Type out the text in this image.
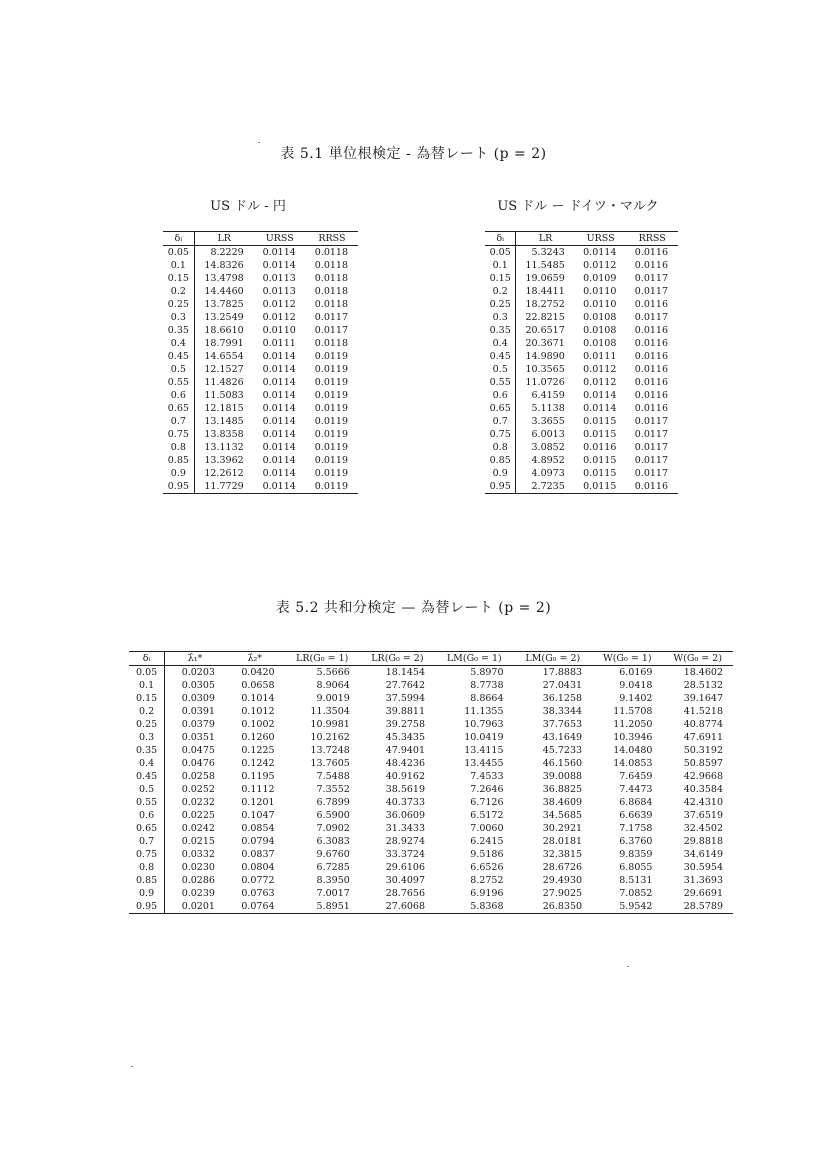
表 5.1 単位根検定 - 為替レート (p = 2)
US ドル - 円	US ドル ー ドイツ・マルク
δᵢ	LR	URSS	RRSS
0.05	8.2229	0.0114	0.0118
0.1	14.8326	0.0114	0.0118
0.15	13.4798	0.0113	0.0118
0.2	14.4460	0.0113	0.0118
0.25	13.7825	0.0112	0.0118
0.3	13.2549	0.0112	0.0117
0.35	18.6610	0.0110	0.0117
0.4	18.7991	0.0111	0.0118
0.45	14.6554	0.0114	0.0119
0.5	12.1527	0.0114	0.0119
0.55	11.4826	0.0114	0.0119
0.6	11.5083	0.0114	0.0119
0.65	12.1815	0.0114	0.0119
0.7	13.1485	0.0114	0.0119
0.75	13.8358	0.0114	0.0119
0.8	13.1132	0.0114	0.0119
0.85	13.3962	0.0114	0.0119
0.9	12.2612	0.0114	0.0119
0.95	11.7729	0.0114	0.0119
δᵢ	LR	URSS	RRSS
0.05	5.3243	0.0114	0.0116
0.1	11.5485	0.0112	0.0116
0.15	19.0659	0.0109	0.0117
0.2	18.4411	0.0110	0.0117
0.25	18.2752	0.0110	0.0116
0.3	22.8215	0.0108	0.0117
0.35	20.6517	0.0108	0.0116
0.4	20.3671	0.0108	0.0116
0.45	14.9890	0.0111	0.0116
0.5	10.3565	0.0112	0.0116
0.55	11.0726	0.0112	0.0116
0.6	6.4159	0.0114	0.0116
0.65	5.1138	0.0114	0.0116
0.7	3.3655	0.0115	0.0117
0.75	6.0013	0.0115	0.0117
0.8	3.0852	0.0116	0.0117
0.85	4.8952	0.0115	0.0117
0.9	4.0973	0.0115	0.0117
0.95	2.7235	0.0115	0.0116
表 5.2 共和分検定 — 為替レート (p = 2)
δᵢ	λ̂₁*	λ̂₂*	LR(G₀ = 1)	LR(G₀ = 2)	LM(G₀ = 1)	LM(G₀ = 2)	W(G₀ = 1)	W(G₀ = 2)
0.05	0.0203	0.0420	5.5666	18.1454	5.8970	17.8883	6.0169	18.4602
0.1	0.0305	0.0658	8.9064	27.7642	8.7738	27.0431	9.0418	28.5132
0.15	0.0309	0.1014	9.0019	37.5994	8.8664	36.1258	9.1402	39.1647
0.2	0.0391	0.1012	11.3504	39.8811	11.1355	38.3344	11.5708	41.5218
0.25	0.0379	0.1002	10.9981	39.2758	10.7963	37.7653	11.2050	40.8774
0.3	0.0351	0.1260	10.2162	45.3435	10.0419	43.1649	10.3946	47.6911
0.35	0.0475	0.1225	13.7248	47.9401	13.4115	45.7233	14.0480	50.3192
0.4	0.0476	0.1242	13.7605	48.4236	13.4455	46.1560	14.0853	50.8597
0.45	0.0258	0.1195	7.5488	40.9162	7.4533	39.0088	7.6459	42.9668
0.5	0.0252	0.1112	7.3552	38.5619	7.2646	36.8825	7.4473	40.3584
0.55	0.0232	0.1201	6.7899	40.3733	6.7126	38.4609	6.8684	42.4310
0.6	0.0225	0.1047	6.5900	36.0609	6.5172	34.5685	6.6639	37.6519
0.65	0.0242	0.0854	7.0902	31.3433	7.0060	30.2921	7.1758	32.4502
0.7	0.0215	0.0794	6.3083	28.9274	6.2415	28.0181	6.3760	29.8818
0.75	0.0332	0.0837	9.6760	33.3724	9.5186	32.3815	9.8359	34.6149
0.8	0.0230	0.0804	6.7285	29.6106	6.6526	28.6726	6.8055	30.5954
0.85	0.0286	0.0772	8.3950	30.4097	8.2752	29.4930	8.5131	31.3693
0.9	0.0239	0.0763	7.0017	28.7656	6.9196	27.9025	7.0852	29.6691
0.95	0.0201	0.0764	5.8951	27.6068	5.8368	26.8350	5.9542	28.5789
